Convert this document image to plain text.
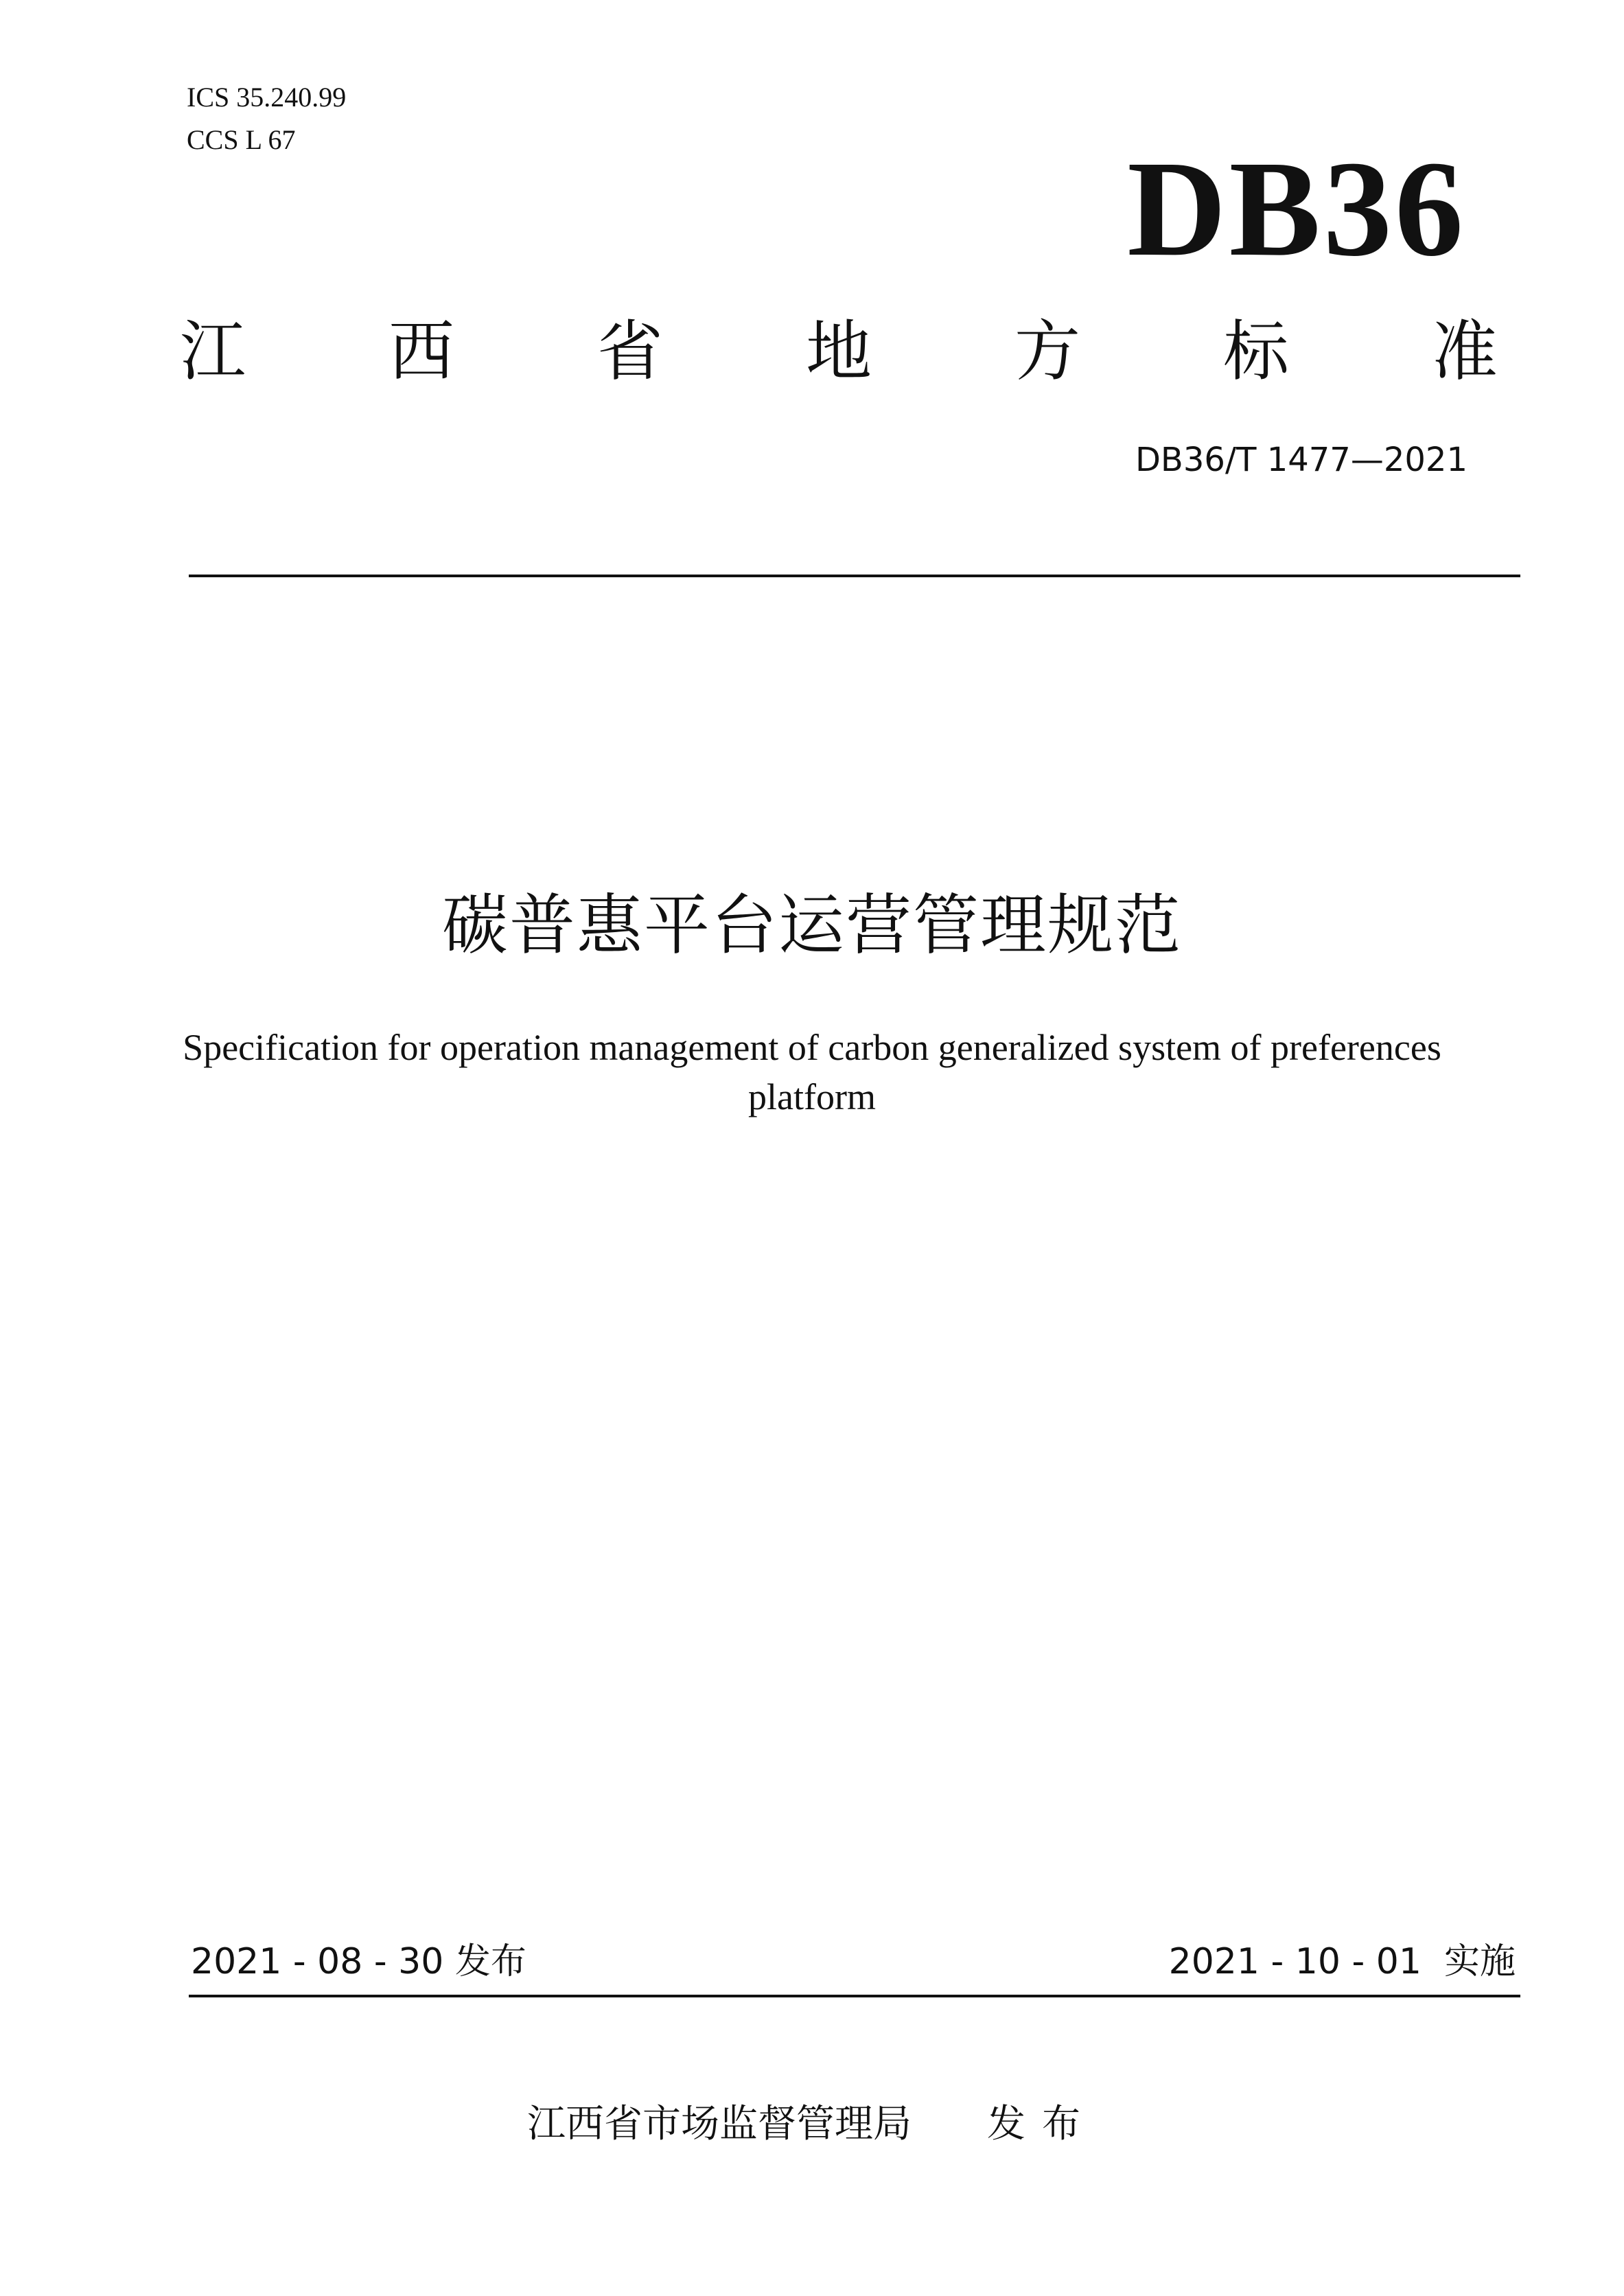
ICS 35.240.99
CCS L 67	DB36
江 西 省 地 方 标 准
DB36/T 1477—2021
碳普惠平台运营管理规范
Specification for operation management of carbon generalized system of preferences platform
2021 - 08 - 30 发布	2021 - 10 - 01  实施
江西省市场监督管理局 发布
